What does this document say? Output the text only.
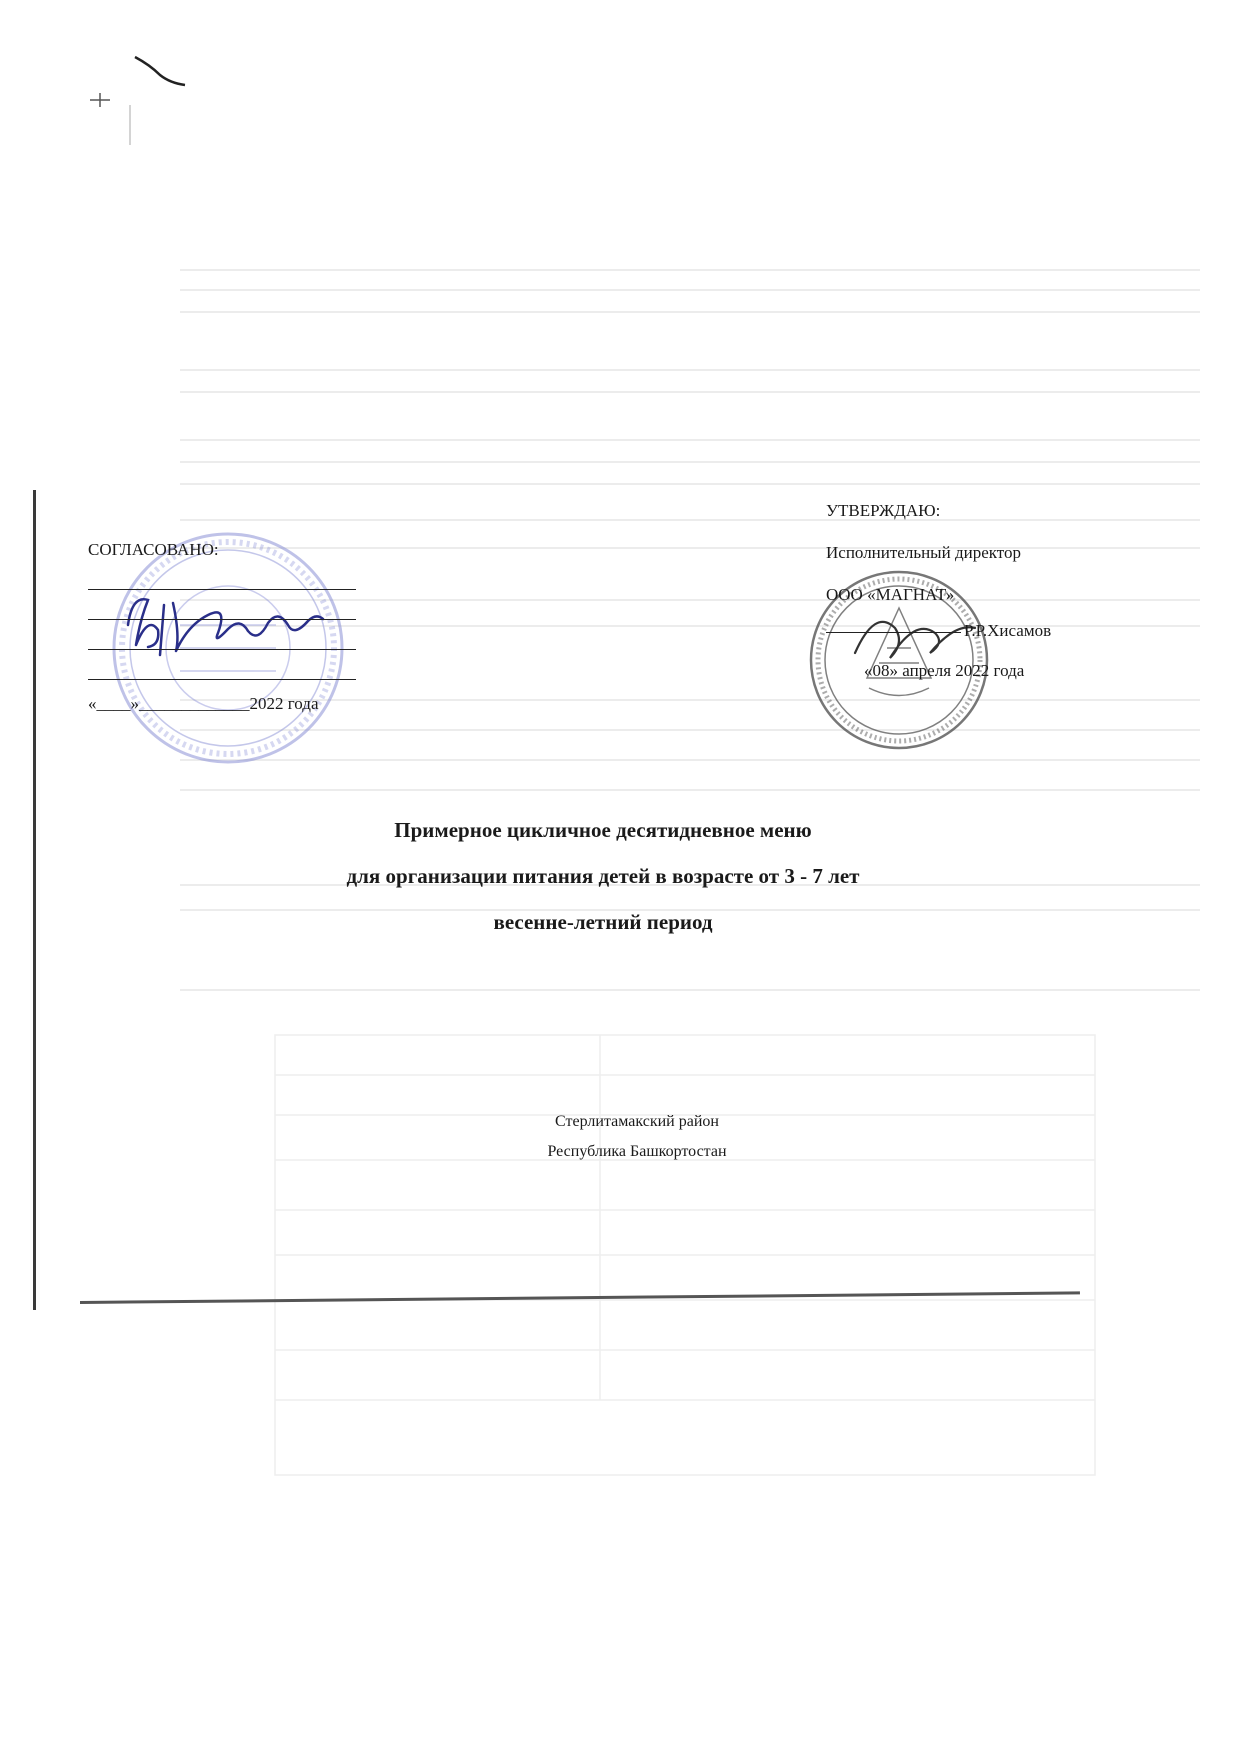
СОГЛАСОВАНО:
«____»_____________2022 года
УТВЕРЖДАЮ:
Исполнительный директор
ООО «МАГНАТ»
Р.Р.Хисамов
«08» апреля 2022 года
Примерное цикличное десятидневное меню
для организации питания детей в возрасте от 3 - 7 лет
весенне-летний период
Стерлитамакский район
Республика Башкортостан
